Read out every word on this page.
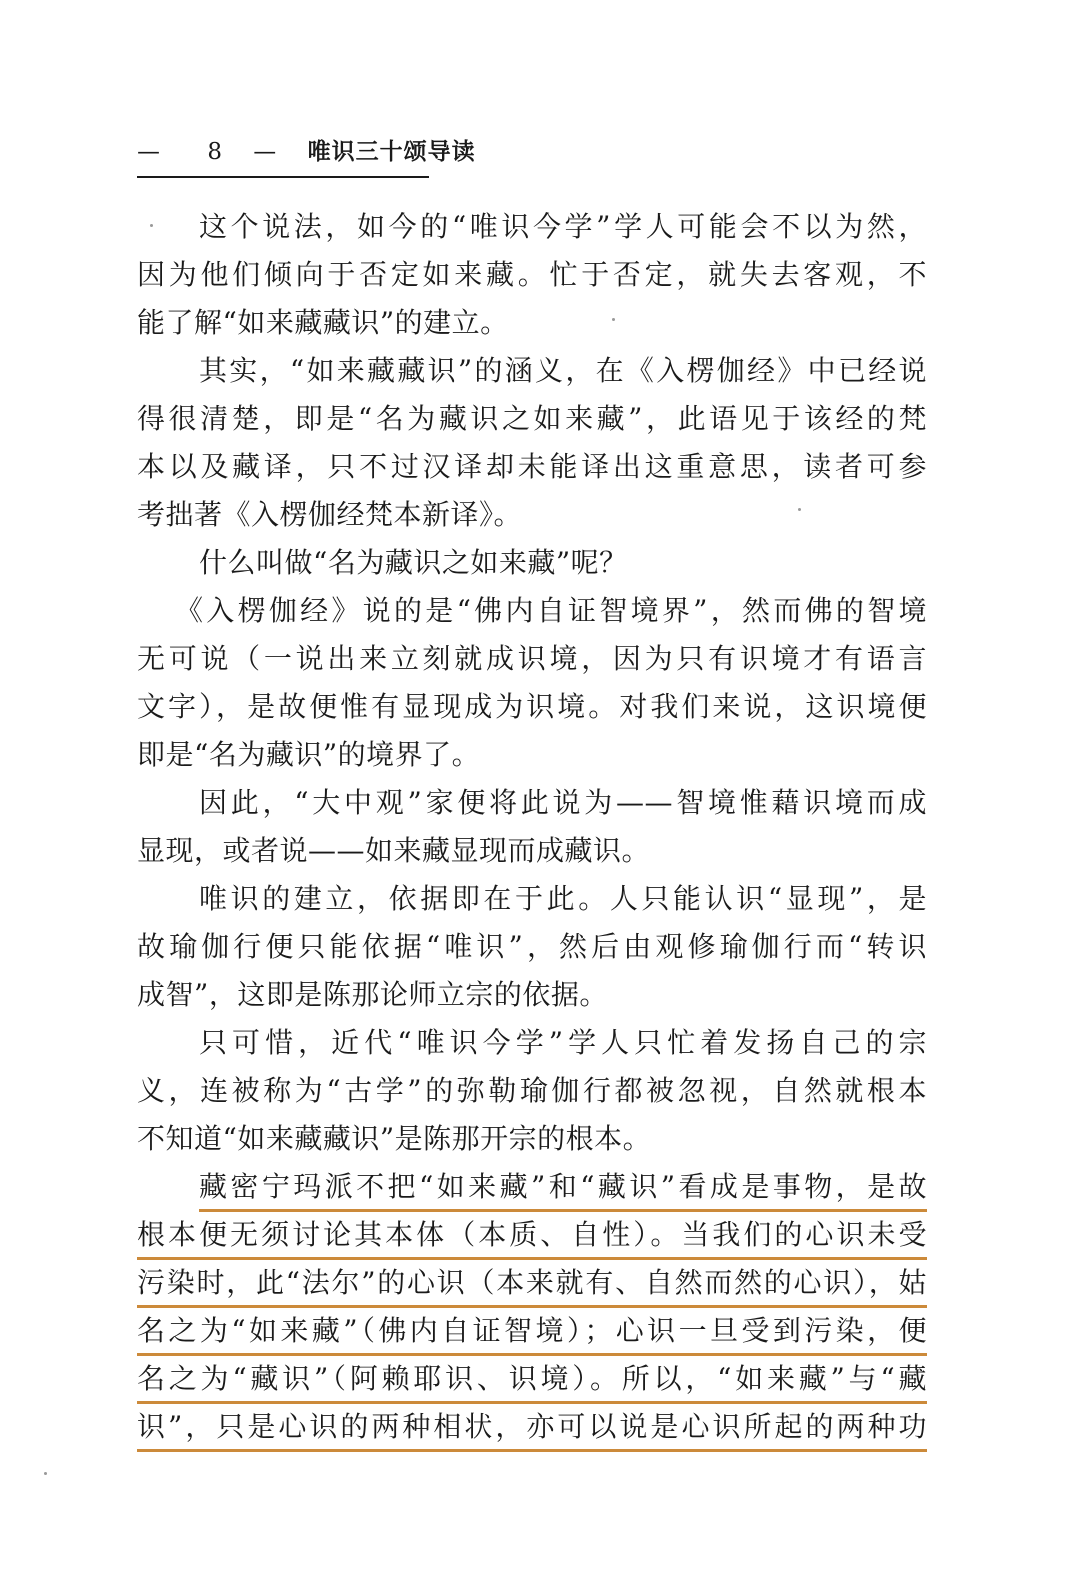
— 8 — 唯识三十颂导读
这个说法，如今的“唯识今学”学人可能会不以为然，
因为他们倾向于否定如来藏。忙于否定，就失去客观，不
能了解“如来藏藏识”的建立。
其实，“如来藏藏识”的涵义，在《入楞伽经》中已经说
得很清楚，即是“名为藏识之如来藏”，此语见于该经的梵
本以及藏译，只不过汉译却未能译出这重意思，读者可参
考拙著《入楞伽经梵本新译》。
什么叫做“名为藏识之如来藏”呢？
《入楞伽经》说的是“佛内自证智境界”，然而佛的智境
无可说（一说出来立刻就成识境，因为只有识境才有语言
文字），是故便惟有显现成为识境。对我们来说，这识境便
即是“名为藏识”的境界了。
因此，“大中观”家便将此说为——智境惟藉识境而成
显现，或者说——如来藏显现而成藏识。
唯识的建立，依据即在于此。人只能认识“显现”，是
故瑜伽行便只能依据“唯识”，然后由观修瑜伽行而“转识
成智”，这即是陈那论师立宗的依据。
只可惜，近代“唯识今学”学人只忙着发扬自己的宗
义，连被称为“古学”的弥勒瑜伽行都被忽视，自然就根本
不知道“如来藏藏识”是陈那开宗的根本。
藏密宁玛派不把“如来藏”和“藏识”看成是事物，是故
根本便无须讨论其本体（本质、自性）。当我们的心识未受
污染时，此“法尔”的心识（本来就有、自然而然的心识），姑
名之为“如来藏”（佛内自证智境）；心识一旦受到污染，便
名之为“藏识”（阿赖耶识、识境）。所以，“如来藏”与“藏
识”，只是心识的两种相状，亦可以说是心识所起的两种功
